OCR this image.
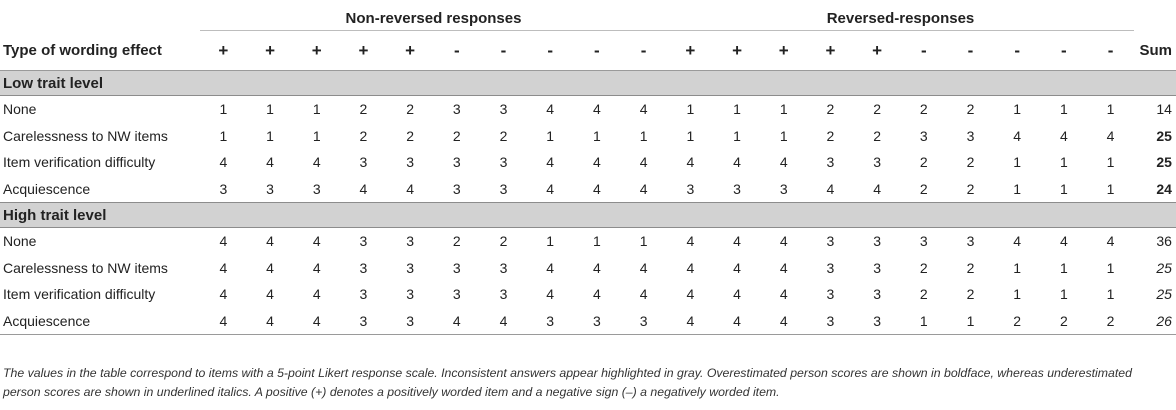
	Non-reversed responses										Reversed-responses										
Type of wording effect	+	+	+	+	+	-	-	-	-	-	+	+	+	+	+	-	-	-	-	-	Sum
Low trait level																					
None	1	1	1	2	2	3	3	4	4	4	1	1	1	2	2	2	2	1	1	1	14
Carelessness to NW items	1	1	1	2	2	2	2	1	1	1	1	1	1	2	2	3	3	4	4	4	25
Item verification difficulty	4	4	4	3	3	3	3	4	4	4	4	4	4	3	3	2	2	1	1	1	25
Acquiescence	3	3	3	4	4	3	3	4	4	4	3	3	3	4	4	2	2	1	1	1	24
High trait level																					
None	4	4	4	3	3	2	2	1	1	1	4	4	4	3	3	3	3	4	4	4	36
Carelessness to NW items	4	4	4	3	3	3	3	4	4	4	4	4	4	3	3	2	2	1	1	1	25
Item verification difficulty	4	4	4	3	3	3	3	4	4	4	4	4	4	3	3	2	2	1	1	1	25
Acquiescence	4	4	4	3	3	4	4	3	3	3	4	4	4	3	3	1	1	2	2	2	26
The values in the table correspond to items with a 5-point Likert response scale. Inconsistent answers appear highlighted in gray. Overestimated person scores are shown in boldface, whereas underestimated person scores are shown in underlined italics. A positive (+) denotes a positively worded item and a negative sign (–) a negatively worded item.
